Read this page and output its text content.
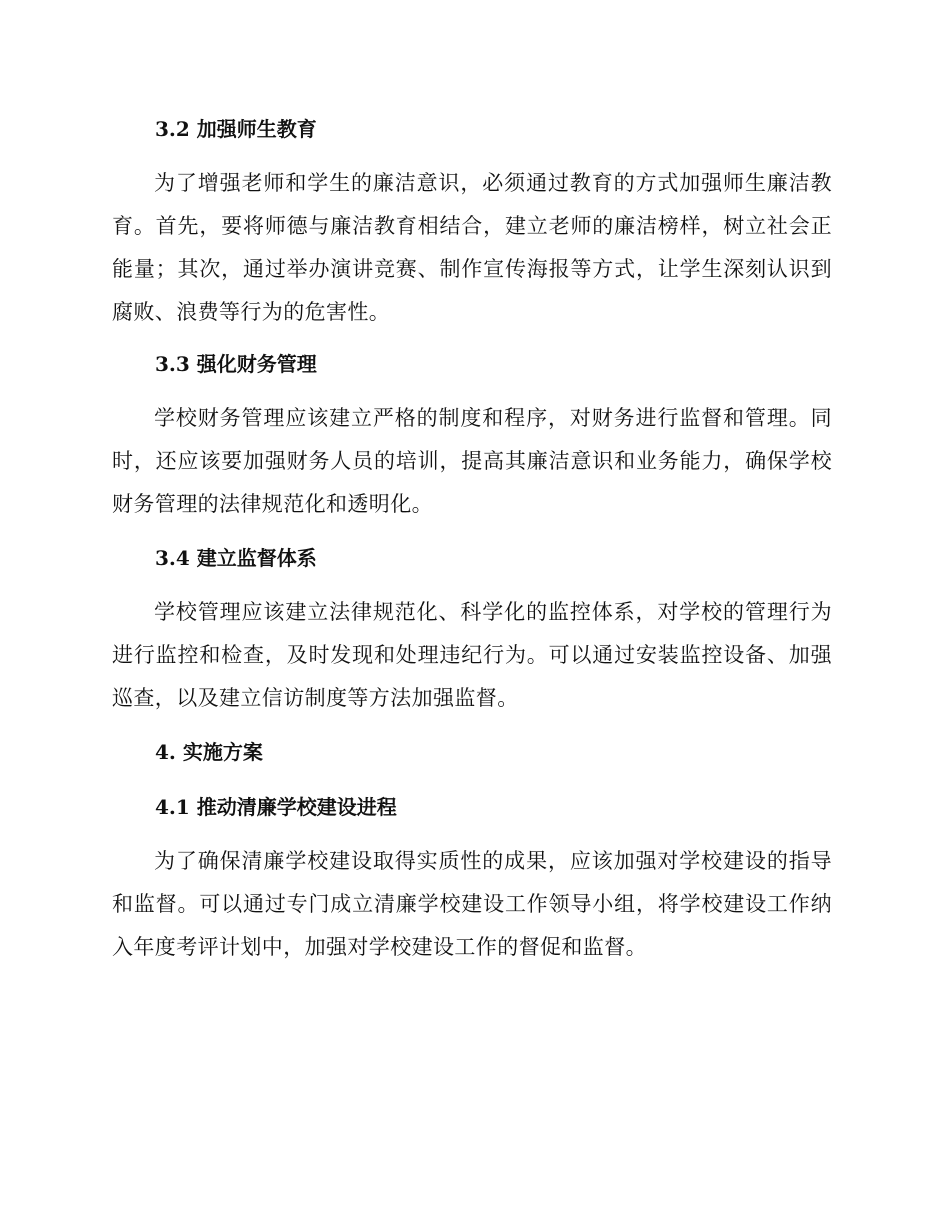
3.2 加强师生教育
为了增强老师和学生的廉洁意识，必须通过教育的方式加强师生廉洁教育。首先，要将师德与廉洁教育相结合，建立老师的廉洁榜样，树立社会正能量；其次，通过举办演讲竞赛、制作宣传海报等方式，让学生深刻认识到腐败、浪费等行为的危害性。
3.3 强化财务管理
学校财务管理应该建立严格的制度和程序，对财务进行监督和管理。同时，还应该要加强财务人员的培训，提高其廉洁意识和业务能力，确保学校财务管理的法律规范化和透明化。
3.4 建立监督体系
学校管理应该建立法律规范化、科学化的监控体系，对学校的管理行为进行监控和检查，及时发现和处理违纪行为。可以通过安装监控设备、加强巡查，以及建立信访制度等方法加强监督。
4. 实施方案
4.1 推动清廉学校建设进程
为了确保清廉学校建设取得实质性的成果，应该加强对学校建设的指导和监督。可以通过专门成立清廉学校建设工作领导小组，将学校建设工作纳入年度考评计划中，加强对学校建设工作的督促和监督。
